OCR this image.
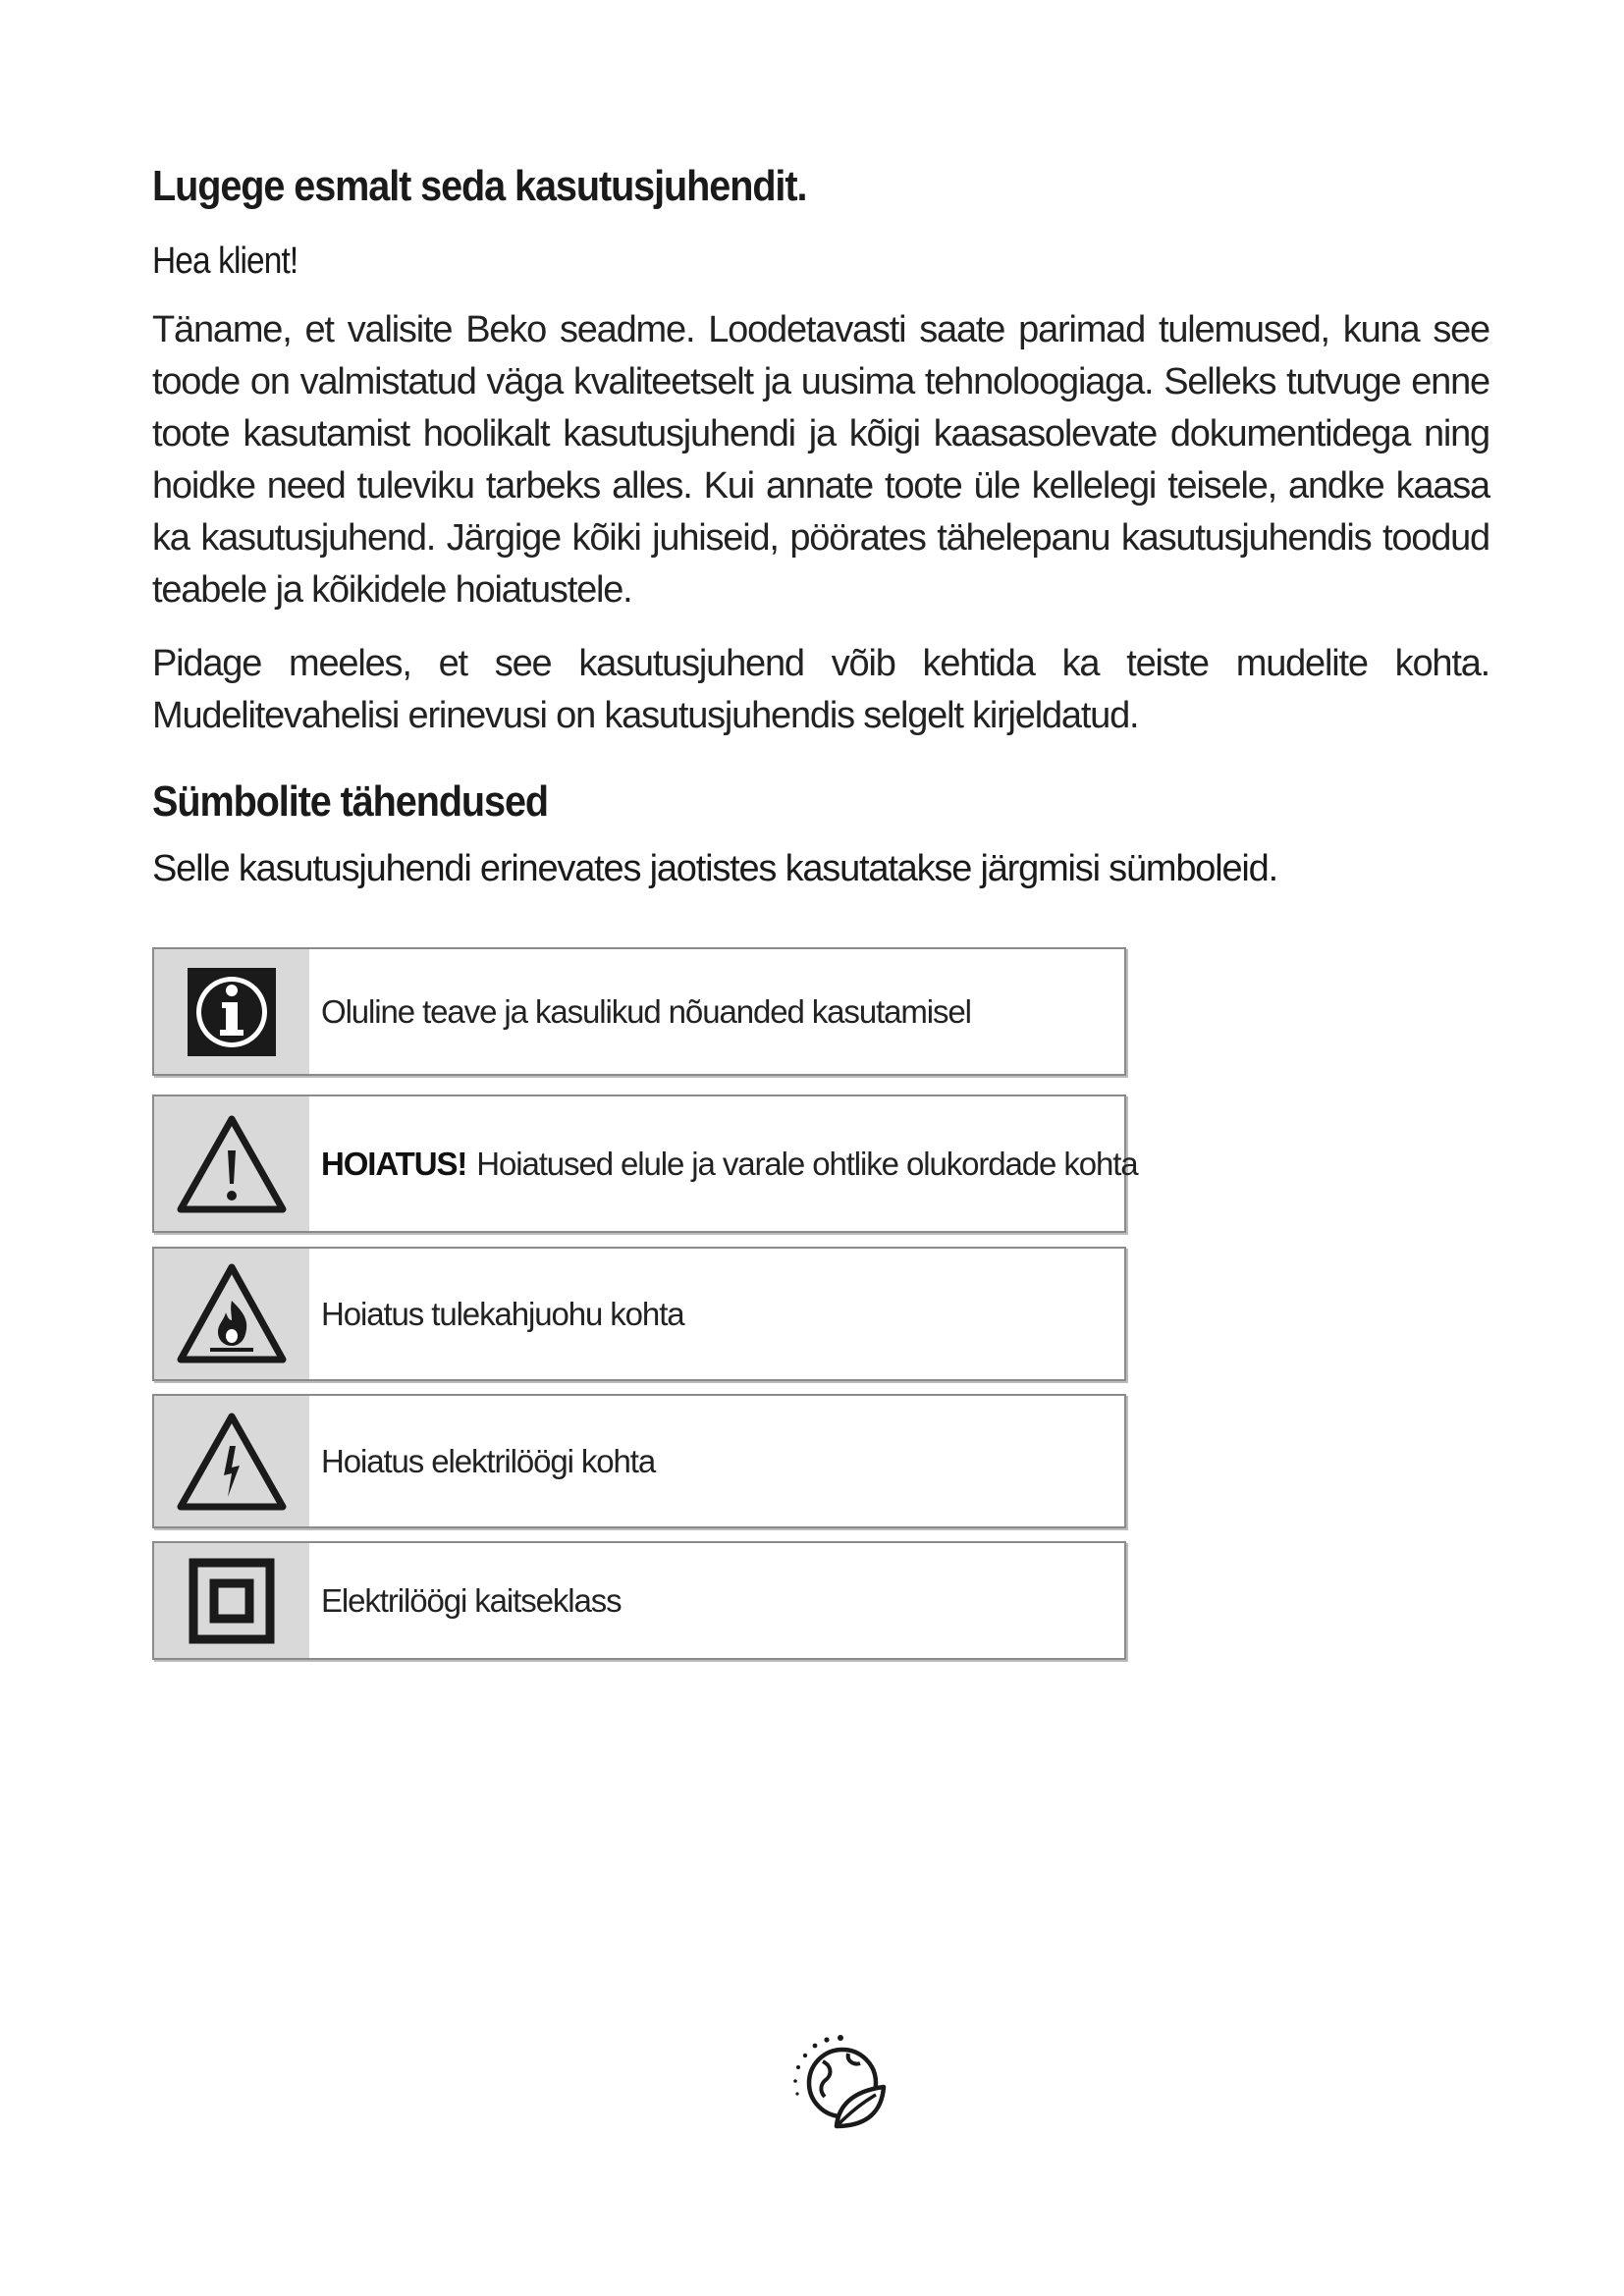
Lugege esmalt seda kasutusjuhendit.

Hea klient!

Täname, et valisite Beko seadme. Loodetavasti saate parimad tulemused, kuna see toode on valmistatud väga kvaliteetselt ja uusima tehnoloogiaga. Selleks tutvuge enne toote kasutamist hoolikalt kasutusjuhendi ja kõigi kaasasolevate dokumentidega ning hoidke need tuleviku tarbeks alles. Kui annate toote üle kellelegi teisele, andke kaasa ka kasutusjuhend. Järgige kõiki juhiseid, pöörates tähelepanu kasutusjuhendis toodud teabele ja kõikidele hoiatustele.

Pidage meeles, et see kasutusjuhend võib kehtida ka teiste mudelite kohta. Mudelitevahelisi erinevusi on kasutusjuhendis selgelt kirjeldatud.

Sümbolite tähendused

Selle kasutusjuhendi erinevates jaotistes kasutatakse järgmisi sümboleid.

Oluline teave ja kasulikud nõuanded kasutamisel
HOIATUS! Hoiatused elule ja varale ohtlike olukordade kohta
Hoiatus tulekahjuohu kohta
Hoiatus elektrilöögi kohta
Elektrilöögi kaitseklass
